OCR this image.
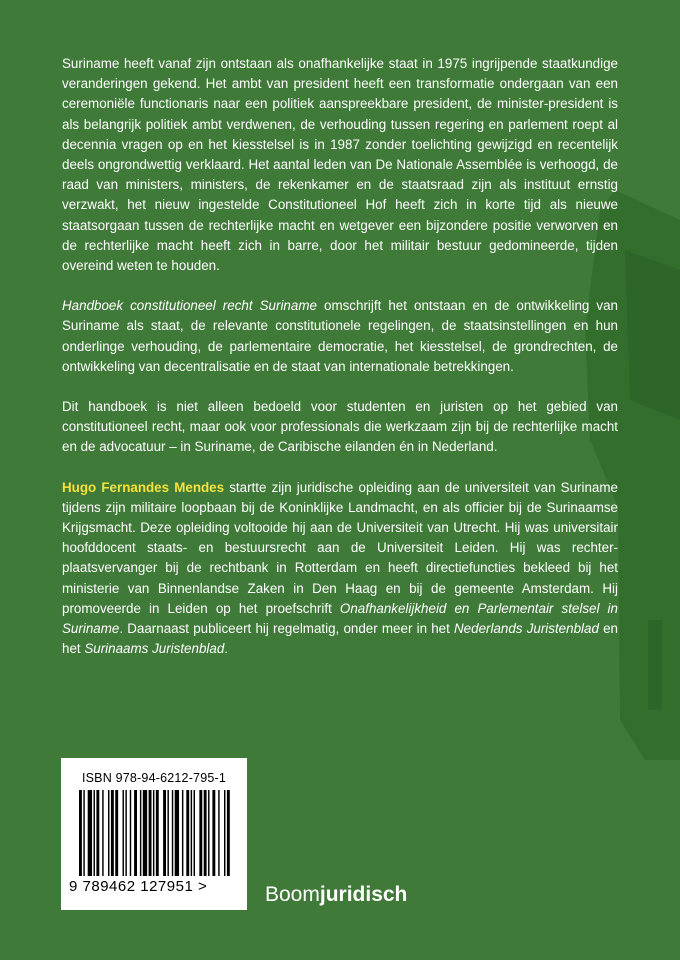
Suriname heeft vanaf zijn ontstaan als onafhankelijke staat in 1975 ingrijpende staatkundige veranderingen gekend. Het ambt van president heeft een transformatie ondergaan van een ceremoniële functionaris naar een politiek aanspreekbare president, de minister-president is als belangrijk politiek ambt verdwenen, de verhouding tussen regering en parlement roept al decennia vragen op en het kiesstelsel is in 1987 zonder toelichting gewijzigd en recentelijk deels ongrondwettig verklaard. Het aantal leden van De Nationale Assemblée is verhoogd, de raad van ministers, ministers, de rekenkamer en de staatsraad zijn als instituut ernstig verzwakt, het nieuw ingestelde Constitutioneel Hof heeft zich in korte tijd als nieuwe staatsorgaan tussen de rechterlijke macht en wetgever een bijzondere positie verworven en de rechterlijke macht heeft zich in barre, door het militair bestuur gedomineerde, tijden overeind weten te houden.

Handboek constitutioneel recht Suriname omschrijft het ontstaan en de ontwikkeling van Suriname als staat, de relevante constitutionele regelingen, de staatsinstellingen en hun onderlinge verhouding, de parlementaire democratie, het kiesstelsel, de grondrechten, de ontwikkeling van decentralisatie en de staat van internationale betrekkingen.

Dit handboek is niet alleen bedoeld voor studenten en juristen op het gebied van constitutioneel recht, maar ook voor professionals die werkzaam zijn bij de rechterlijke macht en de advocatuur – in Suriname, de Caribische eilanden én in Nederland.

Hugo Fernandes Mendes startte zijn juridische opleiding aan de universiteit van Suriname tijdens zijn militaire loopbaan bij de Koninklijke Landmacht, en als officier bij de Surinaamse Krijgsmacht. Deze opleiding voltooide hij aan de Universiteit van Utrecht. Hij was universitair hoofddocent staats- en bestuursrecht aan de Universiteit Leiden. Hij was rechter-plaatsvervanger bij de rechtbank in Rotterdam en heeft directiefuncties bekleed bij het ministerie van Binnenlandse Zaken in Den Haag en bij de gemeente Amsterdam. Hij promoveerde in Leiden op het proefschrift Onafhankelijkheid en Parlementair stelsel in Suriname. Daarnaast publiceert hij regelmatig, onder meer in het Nederlands Juristenblad en het Surinaams Juristenblad.

ISBN 978-94-6212-795-1
9 789462 127951 >	Boomjuridisch
